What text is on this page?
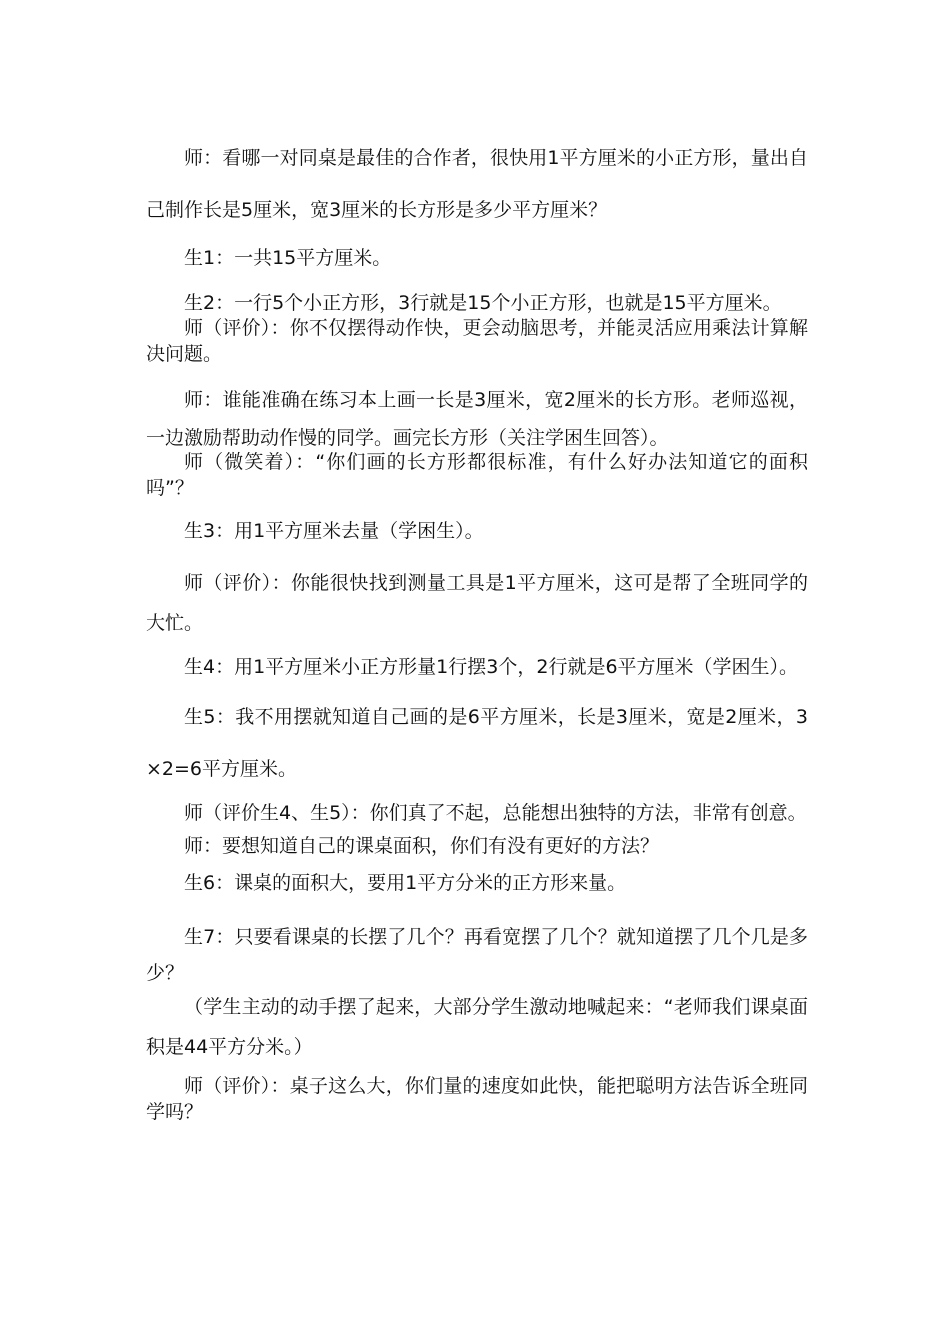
师：看哪一对同桌是最佳的合作者，很快用1平方厘米的小正方形，量出自己制作长是5厘米，宽3厘米的长方形是多少平方厘米？

生1：一共15平方厘米。

生2：一行5个小正方形，3行就是15个小正方形，也就是15平方厘米。

师（评价）：你不仅摆得动作快，更会动脑思考，并能灵活应用乘法计算解决问题。

师：谁能准确在练习本上画一长是3厘米，宽2厘米的长方形。老师巡视，一边激励帮助动作慢的同学。画完长方形（关注学困生回答）。

师（微笑着）：“你们画的长方形都很标准，有什么好办法知道它的面积吗”？

生3：用1平方厘米去量（学困生）。

师（评价）：你能很快找到测量工具是1平方厘米，这可是帮了全班同学的大忙。

生4：用1平方厘米小正方形量1行摆3个，2行就是6平方厘米（学困生）。

生5：我不用摆就知道自己画的是6平方厘米，长是3厘米，宽是2厘米，3×2=6平方厘米。

师（评价生4、生5）：你们真了不起，总能想出独特的方法，非常有创意。

师：要想知道自己的课桌面积，你们有没有更好的方法？

生6：课桌的面积大，要用1平方分米的正方形来量。

生7：只要看课桌的长摆了几个？再看宽摆了几个？就知道摆了几个几是多少？

（学生主动的动手摆了起来，大部分学生激动地喊起来：“老师我们课桌面积是44平方分米。）

师（评价）：桌子这么大，你们量的速度如此快，能把聪明方法告诉全班同学吗？
